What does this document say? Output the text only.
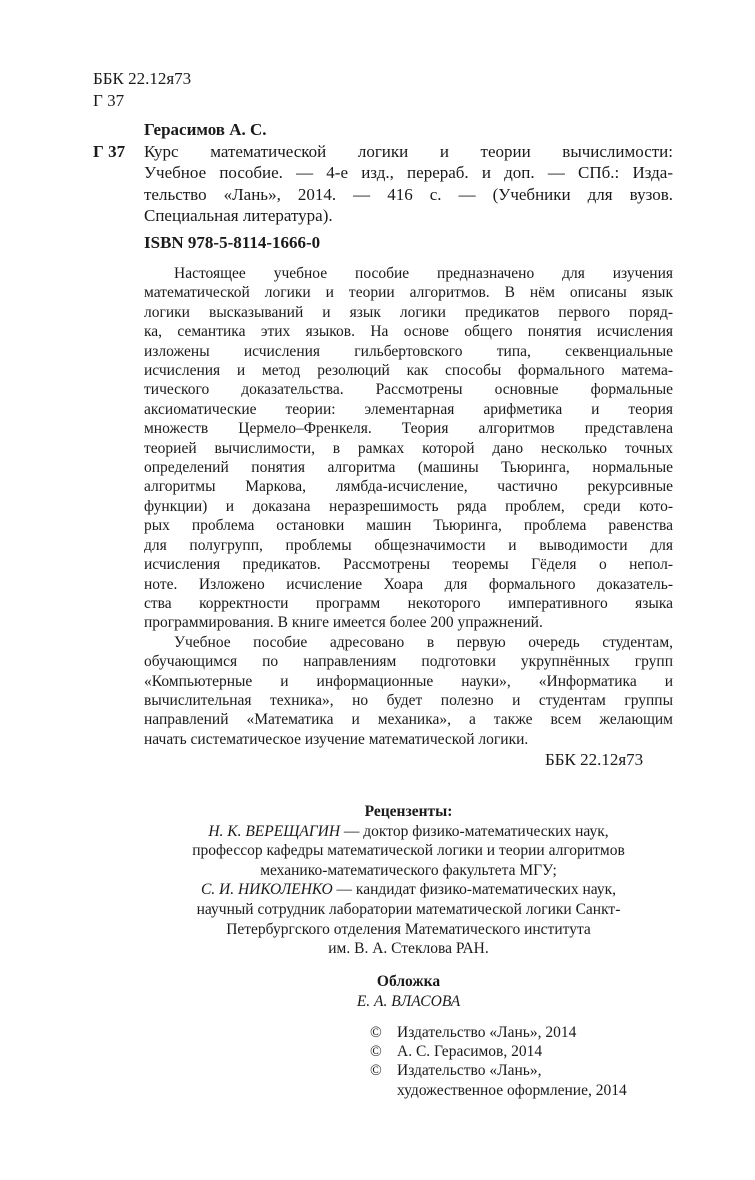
ББК 22.12я73
Г 37
Г 37
Герасимов А. С.
Курс математической логики и теории вычислимости:
Учебное пособие. — 4-е изд., перераб. и доп. — СПб.: Изда-
тельство «Лань», 2014. — 416 с. — (Учебники для вузов.
Специальная литература).
ISBN 978-5-8114-1666-0
Настоящее учебное пособие предназначено для изучения
математической логики и теории алгоритмов. В нём описаны язык
логики высказываний и язык логики предикатов первого поряд-
ка, семантика этих языков. На основе общего понятия исчисления
изложены исчисления гильбертовского типа, секвенциальные
исчисления и метод резолюций как способы формального матема-
тического доказательства. Рассмотрены основные формальные
аксиоматические теории: элементарная арифметика и теория
множеств Цермело–Френкеля. Теория алгоритмов представлена
теорией вычислимости, в рамках которой дано несколько точных
определений понятия алгоритма (машины Тьюринга, нормальные
алгоритмы Маркова, лямбда-исчисление, частично рекурсивные
функции) и доказана неразрешимость ряда проблем, среди кото-
рых проблема остановки машин Тьюринга, проблема равенства
для полугрупп, проблемы общезначимости и выводимости для
исчисления предикатов. Рассмотрены теоремы Гёделя о непол-
ноте. Изложено исчисление Хоара для формального доказатель-
ства корректности программ некоторого императивного языка
программирования. В книге имеется более 200 упражнений.
Учебное пособие адресовано в первую очередь студентам,
обучающимся по направлениям подготовки укрупнённых групп
«Компьютерные и информационные науки», «Информатика и
вычислительная техника», но будет полезно и студентам группы
направлений «Математика и механика», а также всем желающим
начать систематическое изучение математической логики.
ББК 22.12я73
Рецензенты:
Н. К. ВЕРЕЩАГИН — доктор физико-математических наук,
профессор кафедры математической логики и теории алгоритмов
механико-математического факультета МГУ;
С. И. НИКОЛЕНКО — кандидат физико-математических наук,
научный сотрудник лаборатории математической логики Санкт-
Петербургского отделения Математического института
им. В. А. Стеклова РАН.
Обложка
Е. А. ВЛАСОВА
© Издательство «Лань», 2014
© А. С. Герасимов, 2014
© Издательство «Лань»,
художественное оформление, 2014
